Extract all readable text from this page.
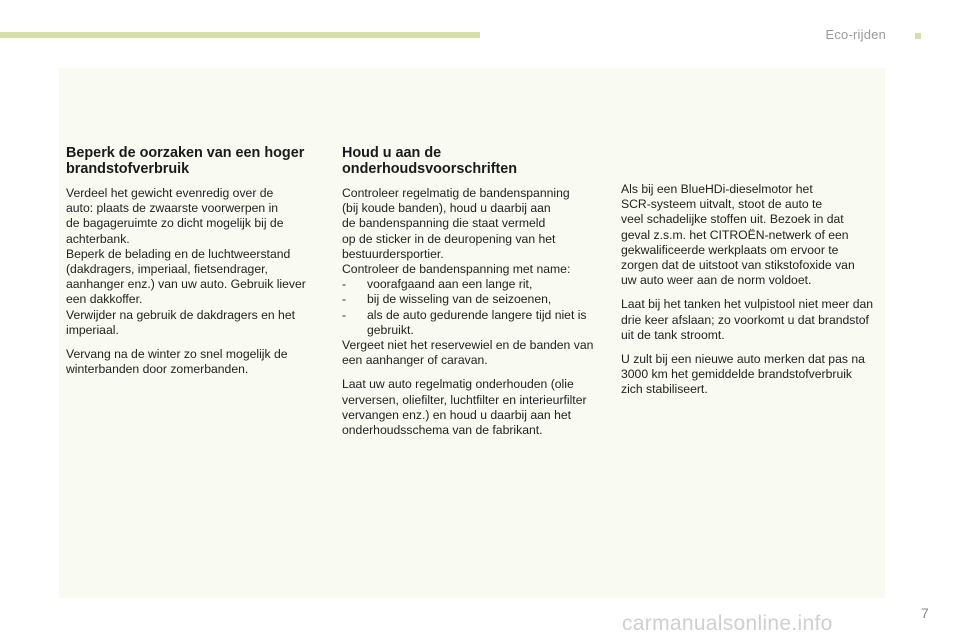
Eco-rijden
Beperk de oorzaken van een hoger
brandstofverbruik

Verdeel het gewicht evenredig over de
auto: plaats de zwaarste voorwerpen in
de bagageruimte zo dicht mogelijk bij de
achterbank.
Beperk de belading en de luchtweerstand
(dakdragers, imperiaal, fietsendrager,
aanhanger enz.) van uw auto. Gebruik liever
een dakkoffer.
Verwijder na gebruik de dakdragers en het
imperiaal.

Vervang na de winter zo snel mogelijk de
winterbanden door zomerbanden.

Houd u aan de
onderhoudsvoorschriften
Controleer regelmatig de bandenspanning
(bij koude banden), houd u daarbij aan
de bandenspanning die staat vermeld
op de sticker in de deuropening van het
bestuurdersportier.
Controleer de bandenspanning met name:
- voorafgaand aan een lange rit,
- bij de wisseling van de seizoenen,
- als de auto gedurende langere tijd niet is
gebruikt.

Vergeet niet het reservewiel en de banden van
een aanhanger of caravan.

Laat uw auto regelmatig onderhouden (olie
verversen, oliefilter, luchtfilter en interieurfilter
vervangen enz.) en houd u daarbij aan het
onderhoudsschema van de fabrikant.

Als bij een BlueHDi-dieselmotor het
SCR-systeem uitvalt, stoot de auto te
veel schadelijke stoffen uit. Bezoek in dat
geval z.s.m. het CITROËN-netwerk of een
gekwalificeerde werkplaats om ervoor te
zorgen dat de uitstoot van stikstofoxide van
uw auto weer aan de norm voldoet.

Laat bij het tanken het vulpistool niet meer dan
drie keer afslaan; zo voorkomt u dat brandstof
uit de tank stroomt.

U zult bij een nieuwe auto merken dat pas na
3000 km het gemiddelde brandstofverbruik
zich stabiliseert.

7
carmanualsonline.info
